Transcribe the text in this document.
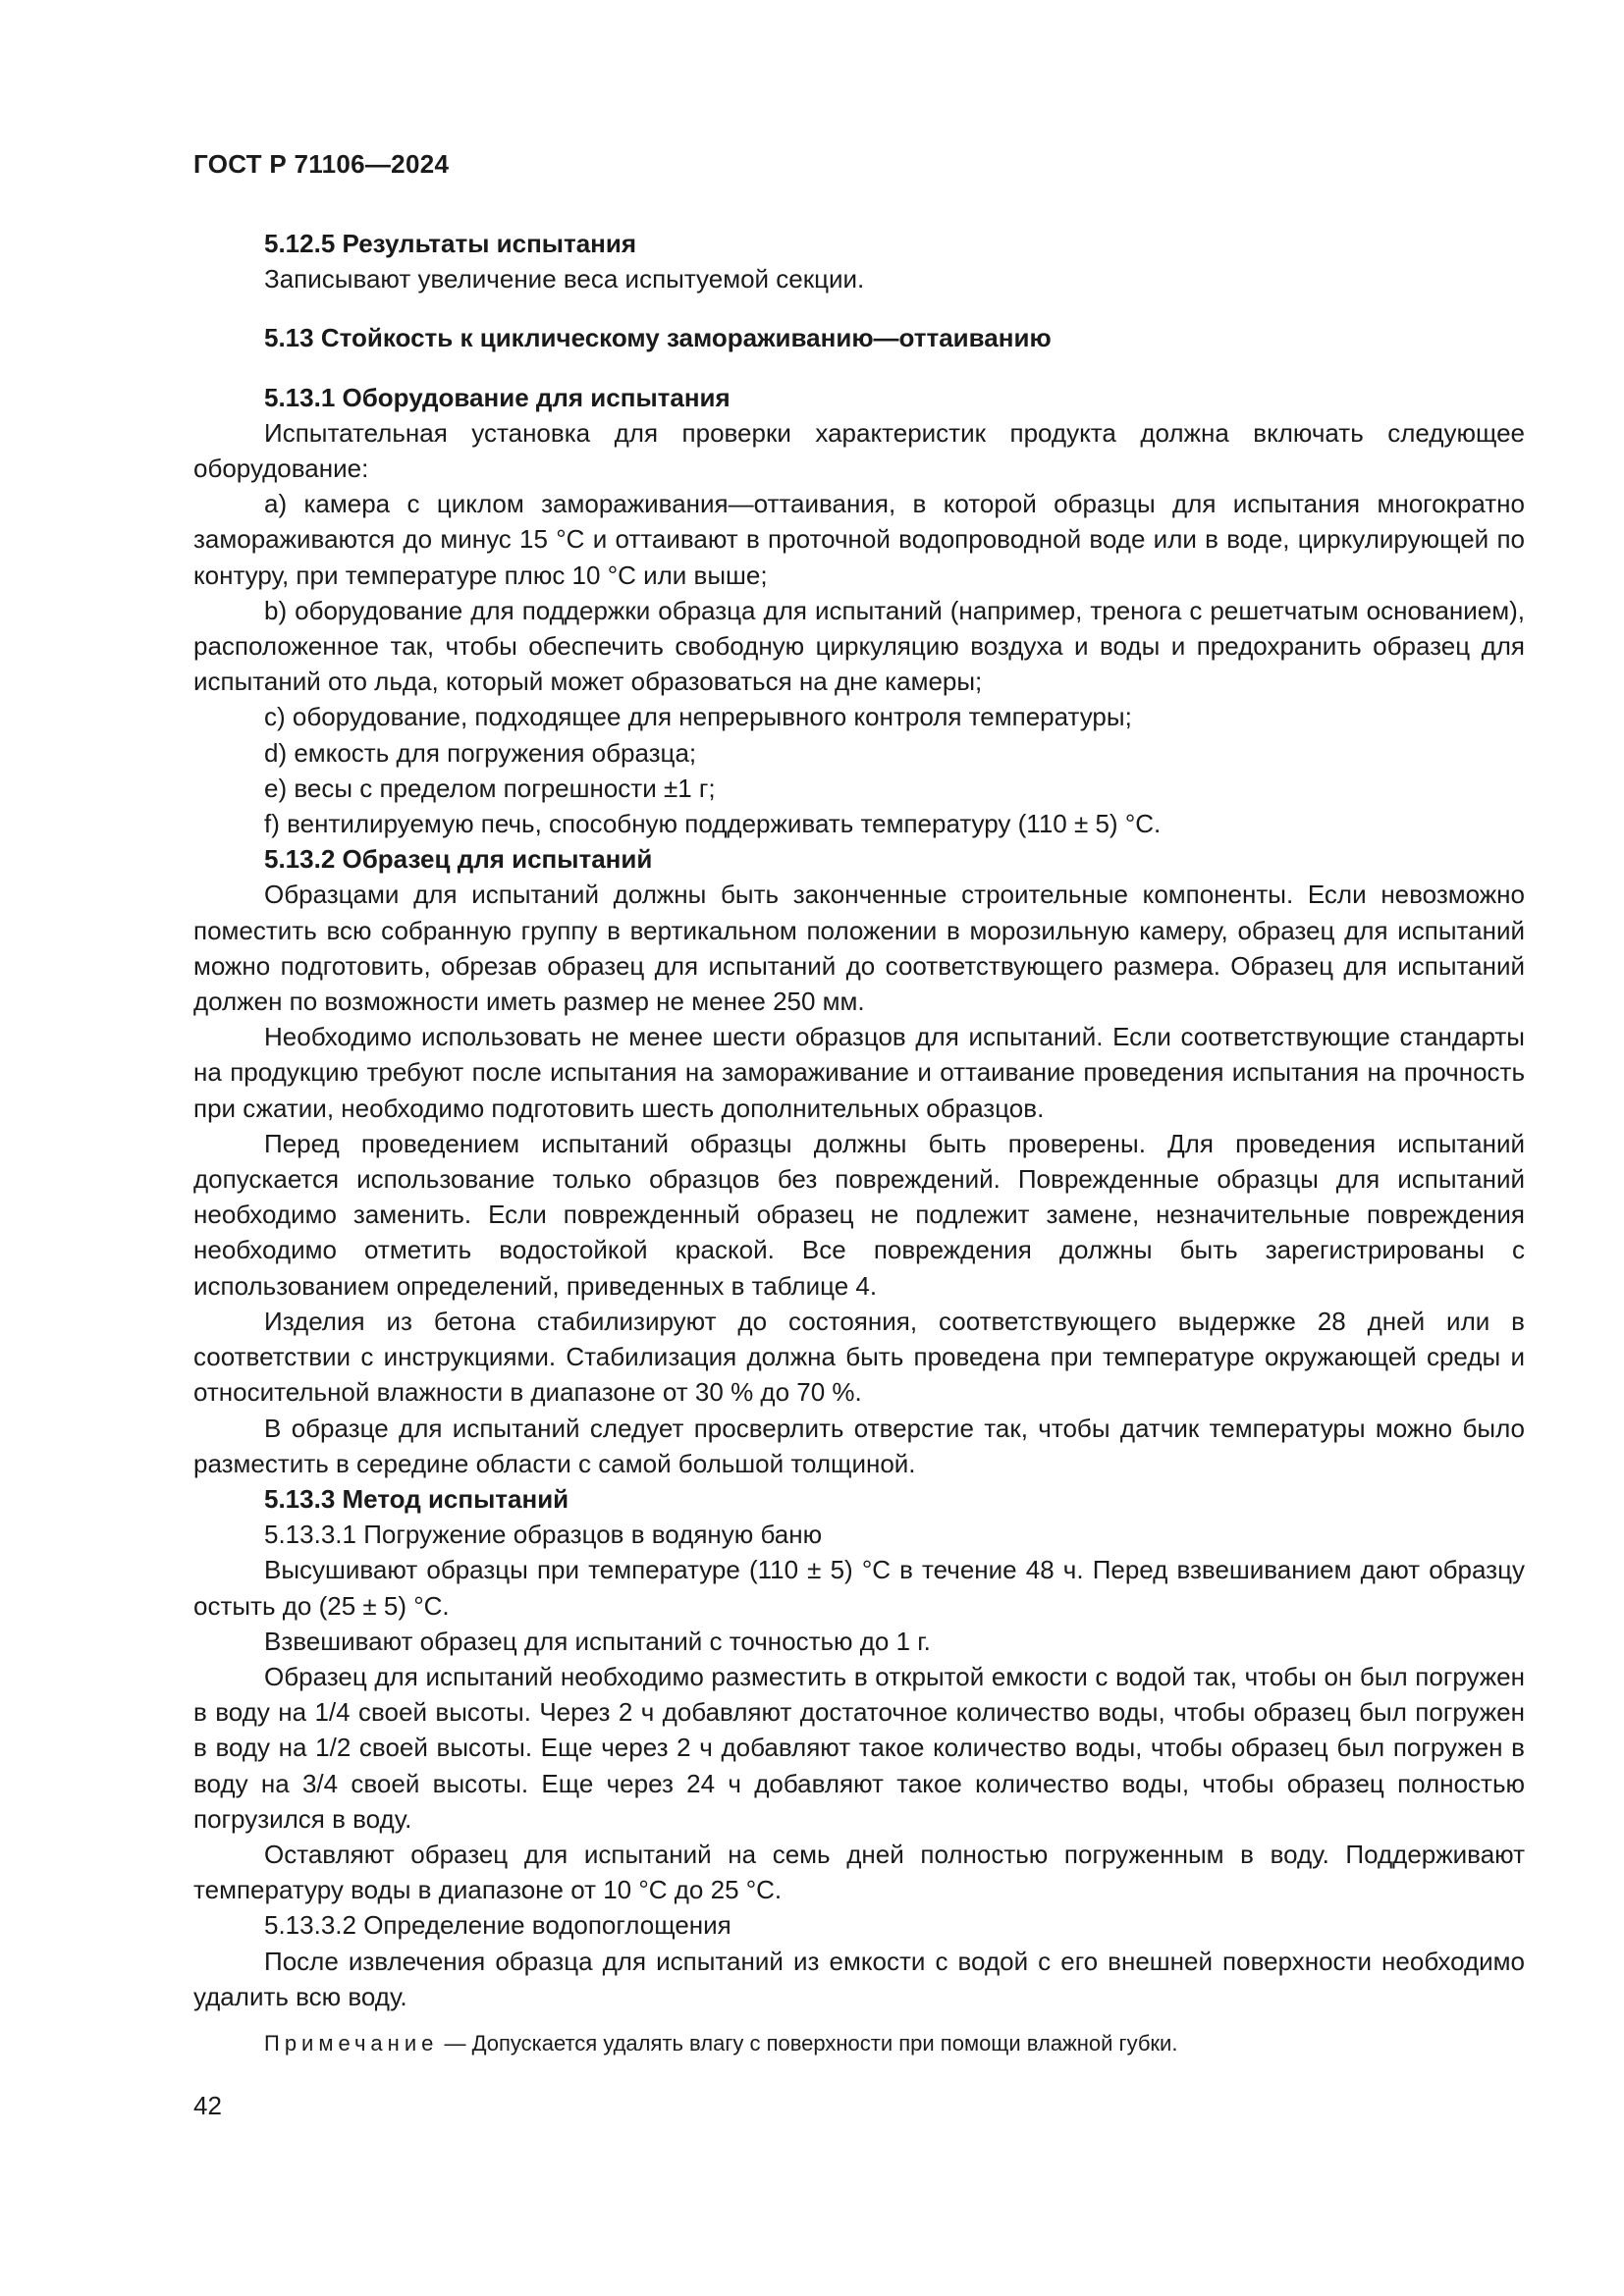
ГОСТ Р 71106—2024
5.12.5 Результаты испытания

Записывают увеличение веса испытуемой секции.

5.13 Стойкость к циклическому замораживанию—оттаиванию
5.13.1 Оборудование для испытания

Испытательная установка для проверки характеристик продукта должна включать следующее оборудование:

a) камера с циклом замораживания—оттаивания, в которой образцы для испытания многократно замораживаются до минус 15 °С и оттаивают в проточной водопроводной воде или в воде, циркулирующей по контуру, при температуре плюс 10 °С или выше;

b) оборудование для поддержки образца для испытаний (например, тренога с решетчатым основанием), расположенное так, чтобы обеспечить свободную циркуляцию воздуха и воды и предохранить образец для испытаний ото льда, который может образоваться на дне камеры;

c) оборудование, подходящее для непрерывного контроля температуры;

d) емкость для погружения образца;

e) весы с пределом погрешности ±1 г;

f) вентилируемую печь, способную поддерживать температуру (110 ± 5) °С.

5.13.2 Образец для испытаний

Образцами для испытаний должны быть законченные строительные компоненты. Если невозможно поместить всю собранную группу в вертикальном положении в морозильную камеру, образец для испытаний можно подготовить, обрезав образец для испытаний до соответствующего размера. Образец для испытаний должен по возможности иметь размер не менее 250 мм.

Необходимо использовать не менее шести образцов для испытаний. Если соответствующие стандарты на продукцию требуют после испытания на замораживание и оттаивание проведения испытания на прочность при сжатии, необходимо подготовить шесть дополнительных образцов.

Перед проведением испытаний образцы должны быть проверены. Для проведения испытаний допускается использование только образцов без повреждений. Поврежденные образцы для испытаний необходимо заменить. Если поврежденный образец не подлежит замене, незначительные повреждения необходимо отметить водостойкой краской. Все повреждения должны быть зарегистрированы с использованием определений, приведенных в таблице 4.

Изделия из бетона стабилизируют до состояния, соответствующего выдержке 28 дней или в соответствии с инструкциями. Стабилизация должна быть проведена при температуре окружающей среды и относительной влажности в диапазоне от 30 % до 70 %.

В образце для испытаний следует просверлить отверстие так, чтобы датчик температуры можно было разместить в середине области с самой большой толщиной.

5.13.3 Метод испытаний
5.13.3.1 Погружение образцов в водяную баню

Высушивают образцы при температуре (110 ± 5) °С в течение 48 ч. Перед взвешиванием дают образцу остыть до (25 ± 5) °С.

Взвешивают образец для испытаний с точностью до 1 г.

Образец для испытаний необходимо разместить в открытой емкости с водой так, чтобы он был погружен в воду на 1/4 своей высоты. Через 2 ч добавляют достаточное количество воды, чтобы образец был погружен в воду на 1/2 своей высоты. Еще через 2 ч добавляют такое количество воды, чтобы образец был погружен в воду на 3/4 своей высоты. Еще через 24 ч добавляют такое количество воды, чтобы образец полностью погрузился в воду.

Оставляют образец для испытаний на семь дней полностью погруженным в воду. Поддерживают температуру воды в диапазоне от 10 °С до 25 °С.

5.13.3.2 Определение водопоглощения

После извлечения образца для испытаний из емкости с водой с его внешней поверхности необходимо удалить всю воду.

Примечание — Допускается удалять влагу с поверхности при помощи влажной губки.
42
